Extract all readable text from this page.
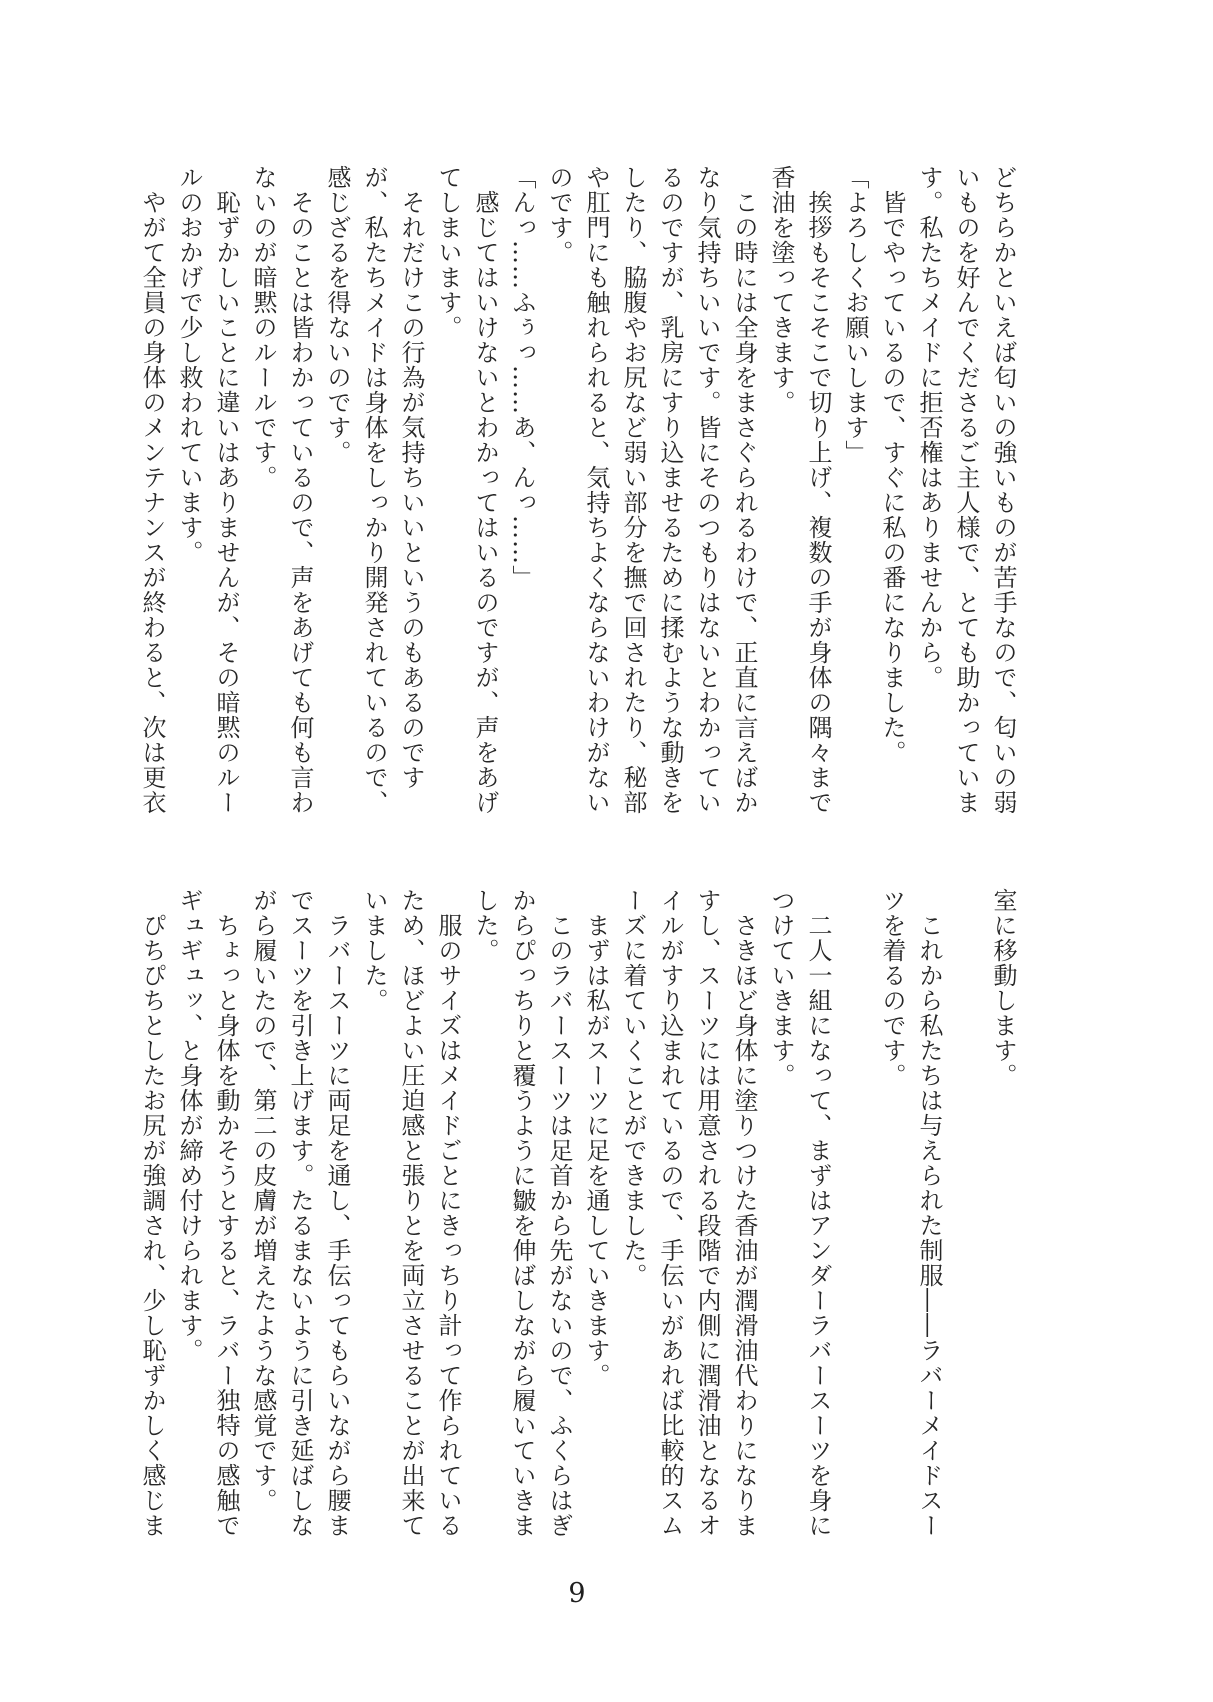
どちらかといえば匂いの強いものが苦手なので、匂いの弱
いものを好んでくださるご主人様で、とても助かっていま
す。私たちメイドに拒否権はありませんから。
皆でやっているので、すぐに私の番になりました。
「よろしくお願いします」
挨拶もそこそこで切り上げ、複数の手が身体の隅々まで
香油を塗ってきます。
この時には全身をまさぐられるわけで、正直に言えばか
なり気持ちいいです。皆にそのつもりはないとわかってい
るのですが、乳房にすり込ませるために揉むような動きを
したり、脇腹やお尻など弱い部分を撫で回されたり、秘部
や肛門にも触れられると、気持ちよくならないわけがない
のです。
「んっ……ふぅっ……あ、んっ……」
感じてはいけないとわかってはいるのですが、声をあげ
てしまいます。
それだけこの行為が気持ちいいというのもあるのです
が、私たちメイドは身体をしっかり開発されているので、
感じざるを得ないのです。
そのことは皆わかっているので、声をあげても何も言わ
ないのが暗黙のルールです。
恥ずかしいことに違いはありませんが、その暗黙のルー
ルのおかげで少し救われています。
やがて全員の身体のメンテナンスが終わると、次は更衣
室に移動します。

これから私たちは与えられた制服――ラバーメイドスー
ツを着るのです。

二人一組になって、まずはアンダーラバースーツを身に
つけていきます。
さきほど身体に塗りつけた香油が潤滑油代わりになりま
すし、スーツには用意される段階で内側に潤滑油となるオ
イルがすり込まれているので、手伝いがあれば比較的スム
ーズに着ていくことができました。
まずは私がスーツに足を通していきます。
このラバースーツは足首から先がないので、ふくらはぎ
からぴっちりと覆うように皺を伸ばしながら履いていきま
した。
服のサイズはメイドごとにきっちり計って作られている
ため、ほどよい圧迫感と張りとを両立させることが出来て
いました。
ラバースーツに両足を通し、手伝ってもらいながら腰ま
でスーツを引き上げます。たるまないように引き延ばしな
がら履いたので、第二の皮膚が増えたような感覚です。
ちょっと身体を動かそうとすると、ラバー独特の感触で
ギュギュッ、と身体が締め付けられます。
ぴちぴちとしたお尻が強調され、少し恥ずかしく感じま
9
